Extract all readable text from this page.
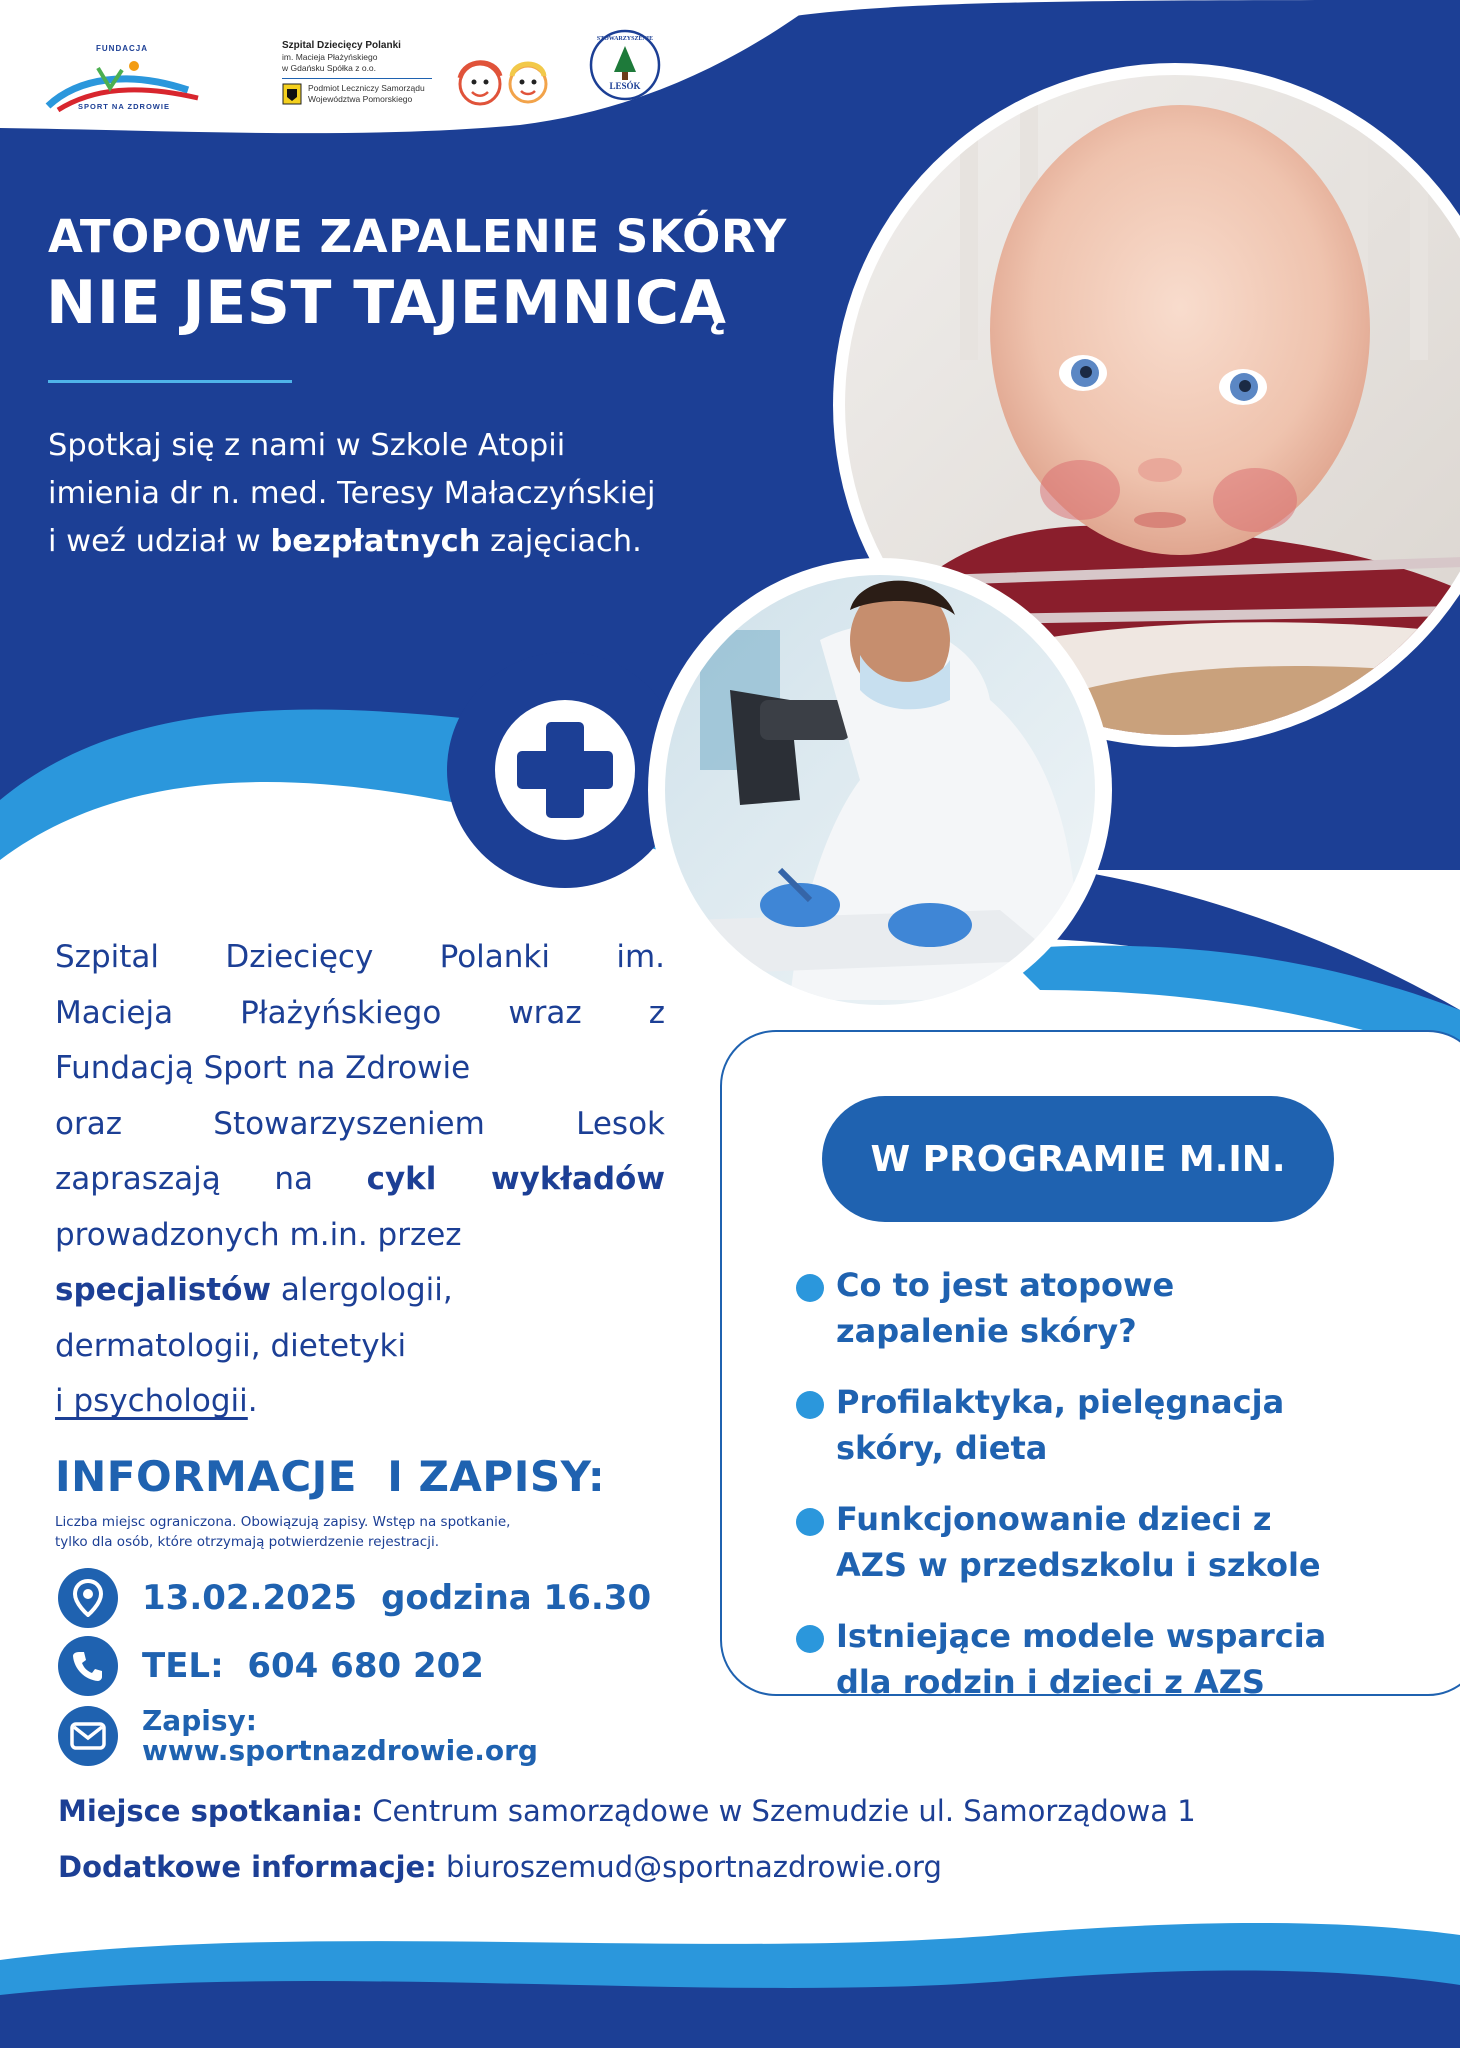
FUNDACJA
SPORT NA ZDROWIE
Szpital Dziecięcy Polanki
im. Macieja Płażyńskiego
w Gdańsku Spółka z o.o.
Podmiot Leczniczy Samorządu
Województwa Pomorskiego
STOWARZYSZENIE
LESÓK
ATOPOWE ZAPALENIE SKÓRY
NIE JEST TAJEMNICĄ
Spotkaj się z nami w Szkole Atopii
imienia dr n. med. Teresy Małaczyńskiej
i weź udział w bezpłatnych zajęciach.
Szpital Dziecięcy Polanki im.
Macieja Płażyńskiego wraz z
Fundacją Sport na Zdrowie
oraz Stowarzyszeniem Lesok
zapraszają na cykl wykładów
prowadzonych m.in. przez
specjalistów alergologii,
dermatologii, dietetyki
i psychologii.
INFORMACJE  I ZAPISY:
Liczba miejsc ograniczona. Obowiązują zapisy. Wstęp na spotkanie,
tylko dla osób, które otrzymają potwierdzenie rejestracji.
13.02.2025 godzina 16.30
TEL:  604 680 202
Zapisy:
www.sportnazdrowie.org
W PROGRAMIE M.IN.
Co to jest atopowe
zapalenie skóry?
Profilaktyka, pielęgnacja
skóry, dieta
Funkcjonowanie dzieci z
AZS w przedszkolu i szkole
Istniejące modele wsparcia
dla rodzin i dzieci z AZS
Miejsce spotkania: Centrum samorządowe w Szemudzie ul. Samorządowa 1
Dodatkowe informacje: biuroszemud@sportnazdrowie.org
